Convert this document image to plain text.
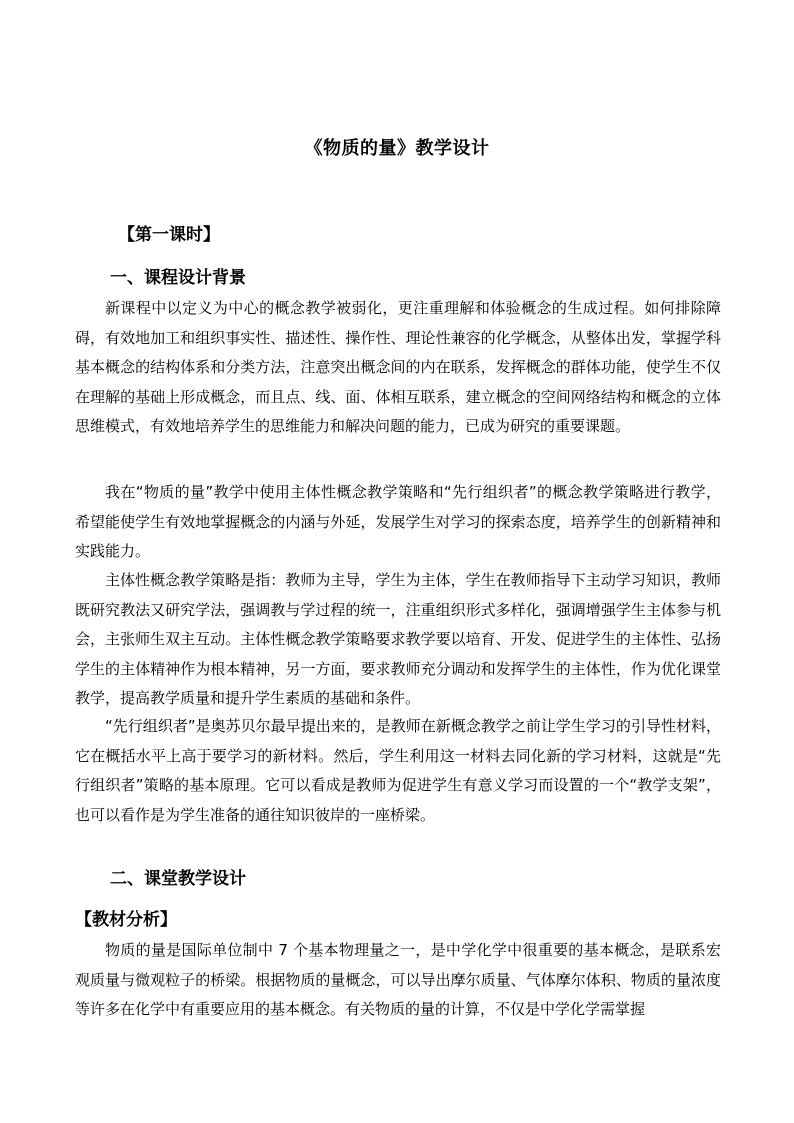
《物质的量》教学设计
【第一课时】
一、课程设计背景

新课程中以定义为中心的概念教学被弱化，更注重理解和体验概念的生成过程。如何排除障碍，有效地加工和组织事实性、描述性、操作性、理论性兼容的化学概念，从整体出发，掌握学科基本概念的结构体系和分类方法，注意突出概念间的内在联系，发挥概念的群体功能，使学生不仅在理解的基础上形成概念，而且点、线、面、体相互联系，建立概念的空间网络结构和概念的立体思维模式，有效地培养学生的思维能力和解决问题的能力，已成为研究的重要课题。

我在“物质的量”教学中使用主体性概念教学策略和“先行组织者”的概念教学策略进行教学，希望能使学生有效地掌握概念的内涵与外延，发展学生对学习的探索态度，培养学生的创新精神和实践能力。

主体性概念教学策略是指：教师为主导，学生为主体，学生在教师指导下主动学习知识，教师既研究教法又研究学法，强调教与学过程的统一，注重组织形式多样化，强调增强学生主体参与机会，主张师生双主互动。主体性概念教学策略要求教学要以培育、开发、促进学生的主体性、弘扬学生的主体精神作为根本精神，另一方面，要求教师充分调动和发挥学生的主体性，作为优化课堂教学，提高教学质量和提升学生素质的基础和条件。

“先行组织者”是奥苏贝尔最早提出来的，是教师在新概念教学之前让学生学习的引导性材料，它在概括水平上高于要学习的新材料。然后，学生利用这一材料去同化新的学习材料，这就是“先行组织者”策略的基本原理。它可以看成是教师为促进学生有意义学习而设置的一个“教学支架”，也可以看作是为学生准备的通往知识彼岸的一座桥梁。

二、课堂教学设计
【教材分析】

物质的量是国际单位制中 7 个基本物理量之一，是中学化学中很重要的基本概念，是联系宏观质量与微观粒子的桥梁。根据物质的量概念，可以导出摩尔质量、气体摩尔体积、物质的量浓度等许多在化学中有重要应用的基本概念。有关物质的量的计算，不仅是中学化学需掌握
